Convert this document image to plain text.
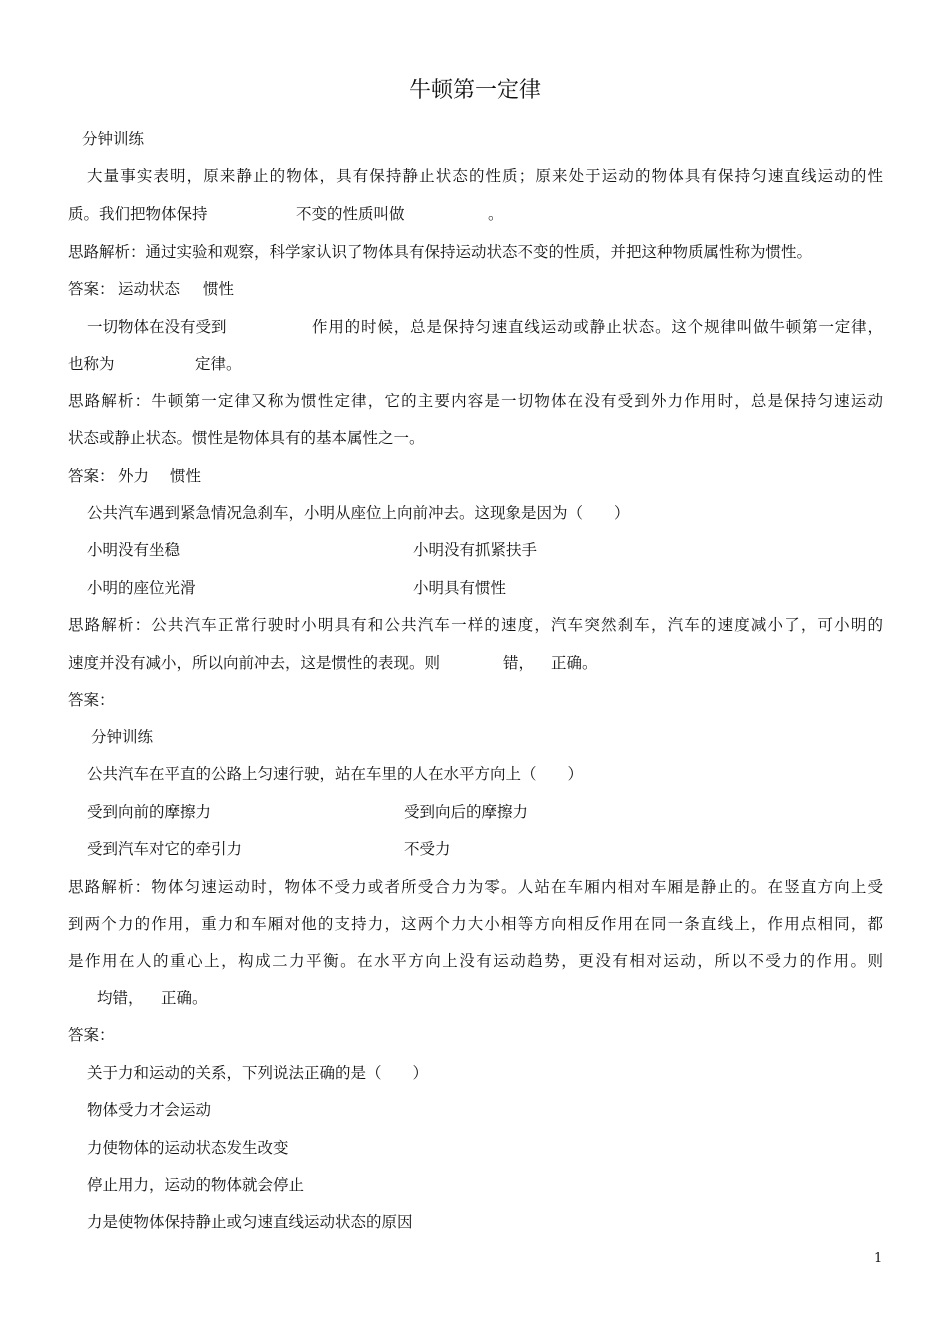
牛顿第一定律
分钟训练
大量事实表明，原来静止的物体，具有保持静止状态的性质；原来处于运动的物体具有保持匀速直线运动的性
质。我们把物体保持	不变的性质叫做	。
思路解析：通过实验和观察，科学家认识了物体具有保持运动状态不变的性质，并把这种物质属性称为惯性。
答案： 运动状态 惯性
一切物体在没有受到	作用的时候，总是保持匀速直线运动或静止状态。这个规律叫做牛顿第一定律，
也称为	定律。
思路解析：牛顿第一定律又称为惯性定律，它的主要内容是一切物体在没有受到外力作用时，总是保持匀速运动
状态或静止状态。惯性是物体具有的基本属性之一。
答案： 外力 惯性
公共汽车遇到紧急情况急刹车，小明从座位上向前冲去。这现象是因为（　　）
小明没有坐稳	小明没有抓紧扶手
小明的座位光滑	小明具有惯性
思路解析：公共汽车正常行驶时小明具有和公共汽车一样的速度，汽车突然刹车，汽车的速度减小了，可小明的
速度并没有减小，所以向前冲去，这是惯性的表现。则	错， 正确。
答案：
分钟训练
公共汽车在平直的公路上匀速行驶，站在车里的人在水平方向上（　　）
受到向前的摩擦力	受到向后的摩擦力
受到汽车对它的牵引力	不受力
思路解析：物体匀速运动时，物体不受力或者所受合力为零。人站在车厢内相对车厢是静止的。在竖直方向上受
到两个力的作用，重力和车厢对他的支持力，这两个力大小相等方向相反作用在同一条直线上，作用点相同，都
是作用在人的重心上，构成二力平衡。在水平方向上没有运动趋势，更没有相对运动，所以不受力的作用。则
均错， 正确。
答案：
关于力和运动的关系，下列说法正确的是（　　）
物体受力才会运动
力使物体的运动状态发生改变
停止用力，运动的物体就会停止
力是使物体保持静止或匀速直线运动状态的原因
1
